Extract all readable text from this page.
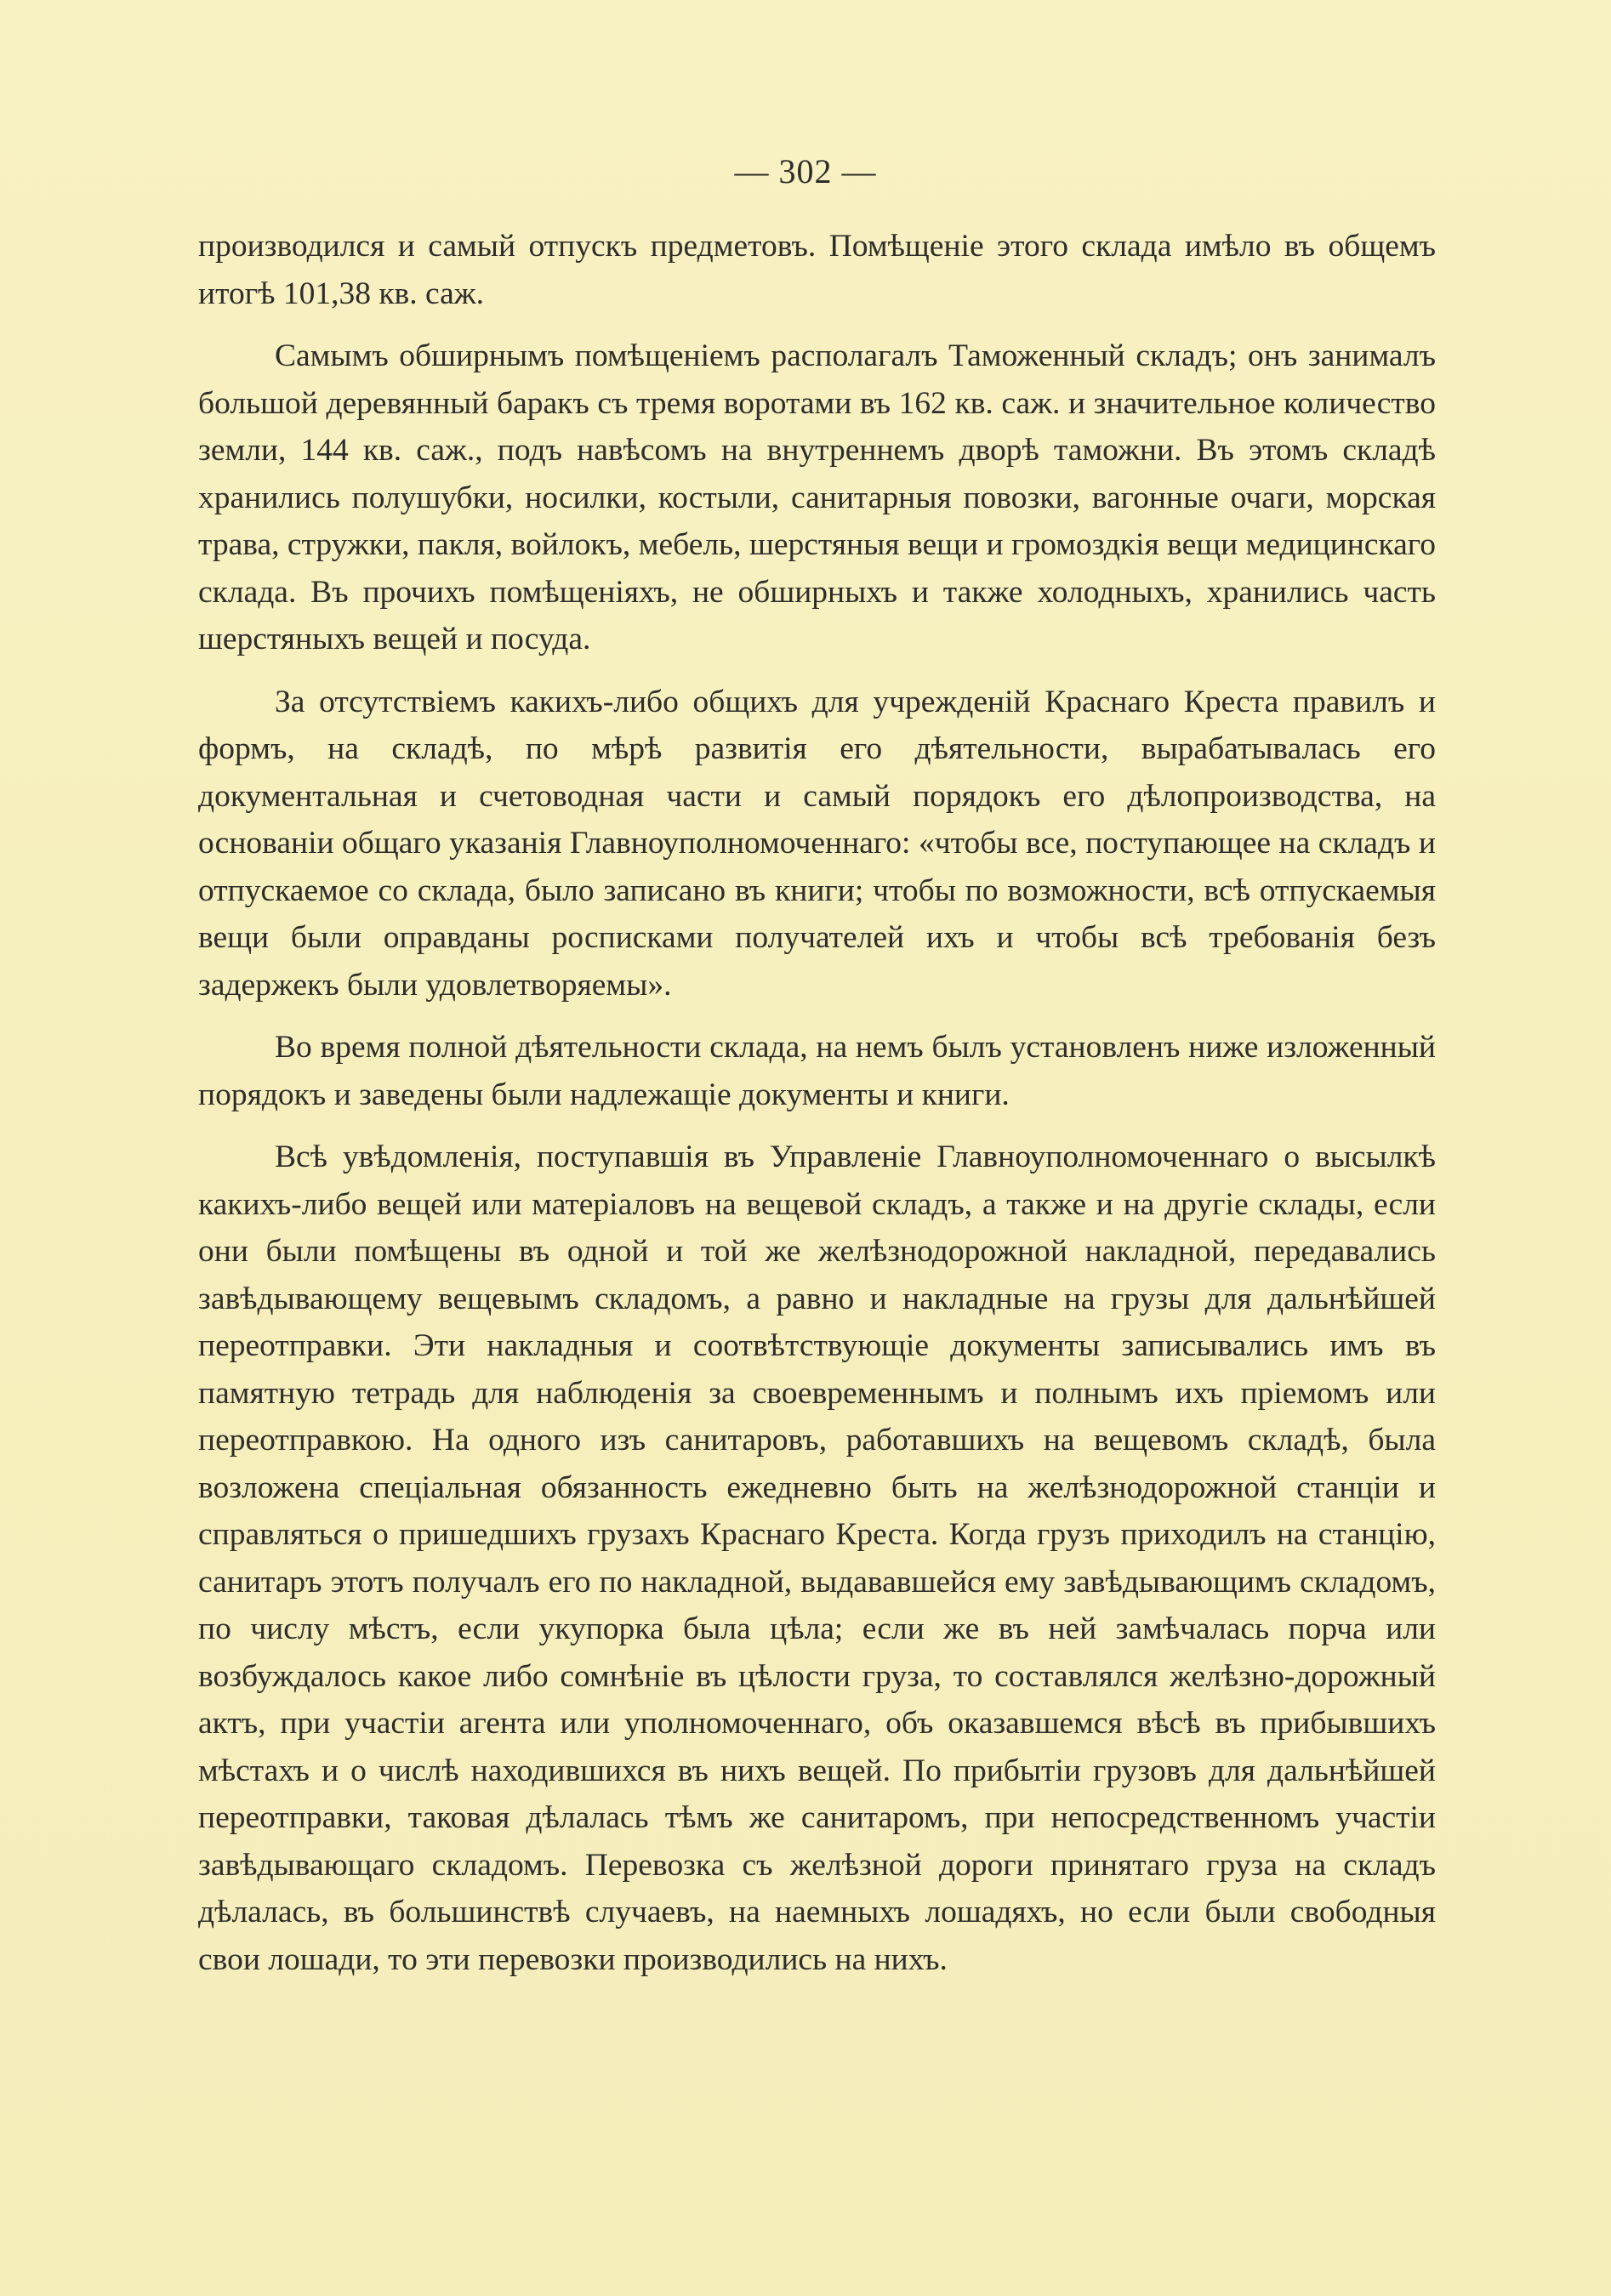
— 302 —

производился и самый отпускъ предметовъ. Помѣщеніе этого склада имѣло въ общемъ итогѣ 101,38 кв. саж.

Самымъ обширнымъ помѣщеніемъ располагалъ Таможенный складъ; онъ занималъ большой деревянный баракъ съ тремя воротами въ 162 кв. саж. и значительное количество земли, 144 кв. саж., подъ навѣсомъ на внутреннемъ дворѣ таможни. Въ этомъ складѣ хранились полушубки, носилки, костыли, санитарныя повозки, вагонные очаги, морская трава, стружки, пакля, войлокъ, мебель, шерстяныя вещи и громоздкія вещи медицинскаго склада. Въ прочихъ помѣщеніяхъ, не обширныхъ и также холодныхъ, хранились часть шерстяныхъ вещей и посуда.

За отсутствіемъ какихъ-либо общихъ для учрежденій Краснаго Креста правилъ и формъ, на складѣ, по мѣрѣ развитія его дѣятельности, вырабатывалась его документальная и счетоводная части и самый порядокъ его дѣлопроизводства, на основаніи общаго указанія Главноуполномоченнаго: «чтобы все, поступающее на складъ и отпускаемое со склада, было записано въ книги; чтобы по возможности, всѣ отпускаемыя вещи были оправданы росписками получателей ихъ и чтобы всѣ требованія безъ задержекъ были удовлетворяемы».

Во время полной дѣятельности склада, на немъ былъ установленъ ниже изложенный порядокъ и заведены были надлежащіе документы и книги.

Всѣ увѣдомленія, поступавшія въ Управленіе Главноуполномоченнаго о высылкѣ какихъ-либо вещей или матеріаловъ на вещевой складъ, а также и на другіе склады, если они были помѣщены въ одной и той же желѣзнодорожной накладной, передавались завѣдывающему вещевымъ складомъ, а равно и накладные на грузы для дальнѣйшей переотправки. Эти накладныя и соотвѣтствующіе документы записывались имъ въ памятную тетрадь для наблюденія за своевременнымъ и полнымъ ихъ пріемомъ или переотправкою. На одного изъ санитаровъ, работавшихъ на вещевомъ складѣ, была возложена спеціальная обязанность ежедневно быть на желѣзнодорожной станціи и справляться о пришедшихъ грузахъ Краснаго Креста. Когда грузъ приходилъ на станцію, санитаръ этотъ получалъ его по накладной, выдававшейся ему завѣдывающимъ складомъ, по числу мѣстъ, если укупорка была цѣла; если же въ ней замѣчалась порча или возбуждалось какое либо сомнѣніе въ цѣлости груза, то составлялся желѣзно-дорожный актъ, при участіи агента или уполномоченнаго, объ оказавшемся вѣсѣ въ прибывшихъ мѣстахъ и о числѣ находившихся въ нихъ вещей. По прибытіи грузовъ для дальнѣйшей переотправки, таковая дѣлалась тѣмъ же санитаромъ, при непосредственномъ участіи завѣдывающаго складомъ. Перевозка съ желѣзной дороги принятаго груза на складъ дѣлалась, въ большинствѣ случаевъ, на наемныхъ лошадяхъ, но если были свободныя свои лошади, то эти перевозки производились на нихъ.
